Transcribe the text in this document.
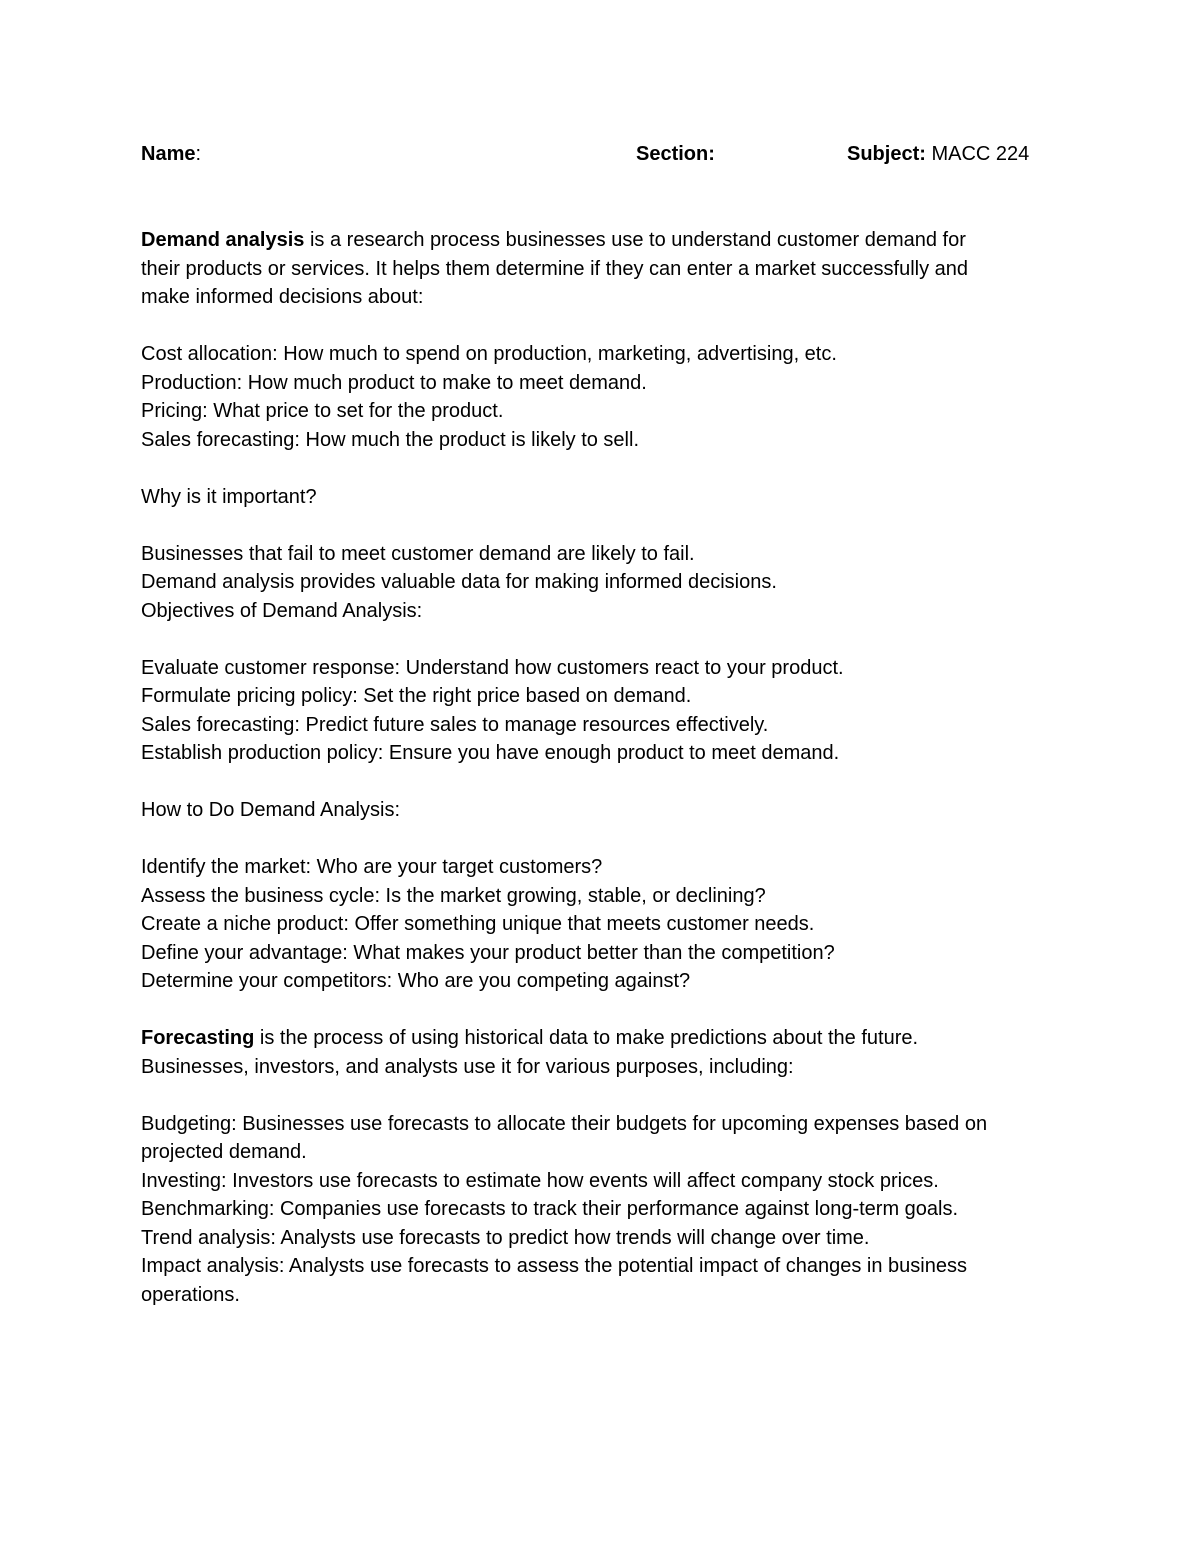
Name:	Section:	Subject: MACC 224
Demand analysis is a research process businesses use to understand customer demand for
their products or services. It helps them determine if they can enter a market successfully and
make informed decisions about:
Cost allocation: How much to spend on production, marketing, advertising, etc.
Production: How much product to make to meet demand.
Pricing: What price to set for the product.
Sales forecasting: How much the product is likely to sell.
Why is it important?
Businesses that fail to meet customer demand are likely to fail.
Demand analysis provides valuable data for making informed decisions.
Objectives of Demand Analysis:
Evaluate customer response: Understand how customers react to your product.
Formulate pricing policy: Set the right price based on demand.
Sales forecasting: Predict future sales to manage resources effectively.
Establish production policy: Ensure you have enough product to meet demand.
How to Do Demand Analysis:
Identify the market: Who are your target customers?
Assess the business cycle: Is the market growing, stable, or declining?
Create a niche product: Offer something unique that meets customer needs.
Define your advantage: What makes your product better than the competition?
Determine your competitors: Who are you competing against?
Forecasting is the process of using historical data to make predictions about the future.
Businesses, investors, and analysts use it for various purposes, including:
Budgeting: Businesses use forecasts to allocate their budgets for upcoming expenses based on
projected demand.
Investing: Investors use forecasts to estimate how events will affect company stock prices.
Benchmarking: Companies use forecasts to track their performance against long-term goals.
Trend analysis: Analysts use forecasts to predict how trends will change over time.
Impact analysis: Analysts use forecasts to assess the potential impact of changes in business
operations.
